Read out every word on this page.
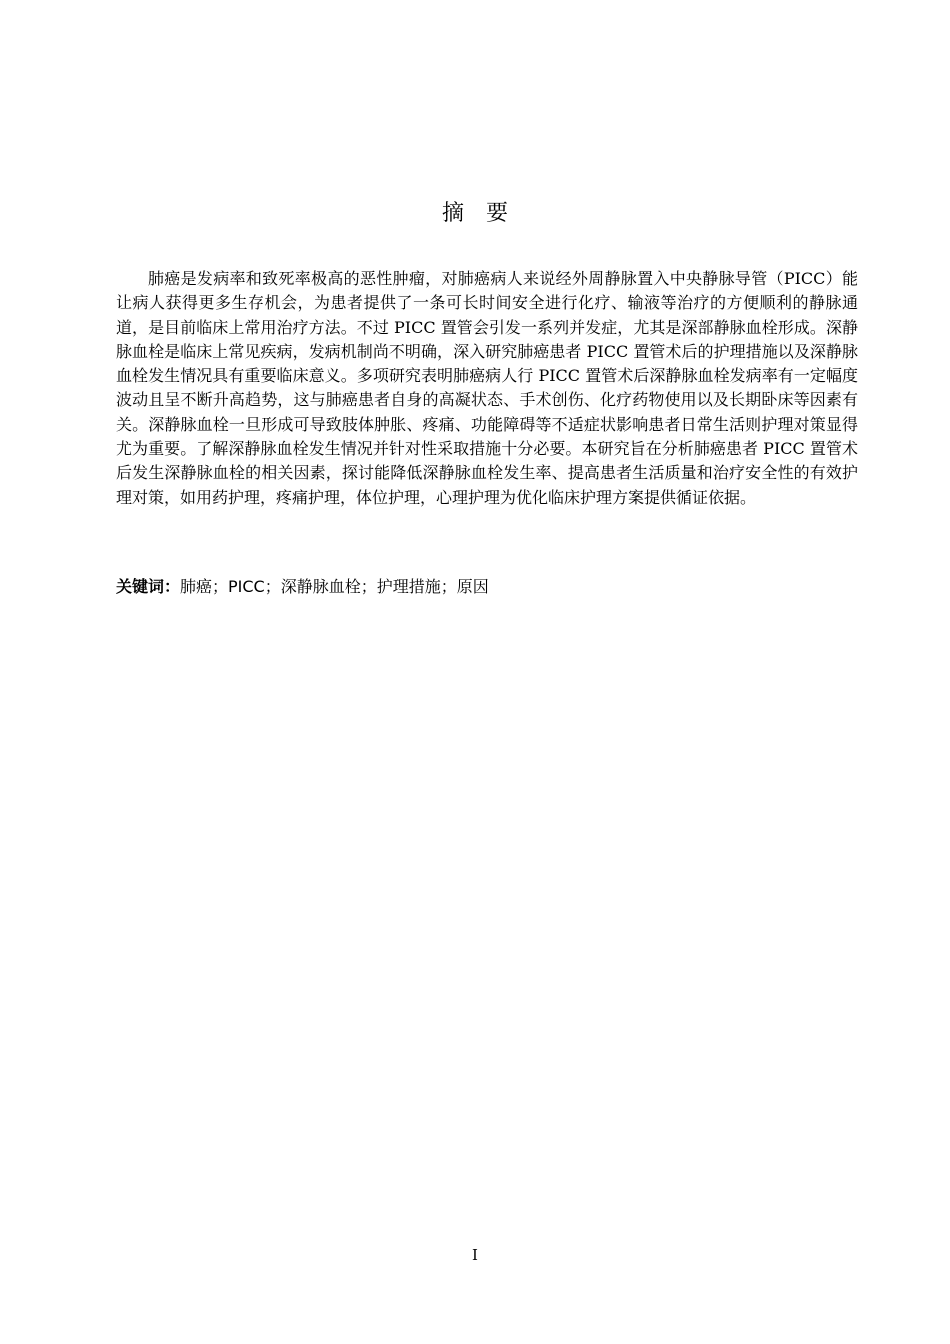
摘要

肺癌是发病率和致死率极高的恶性肿瘤，对肺癌病人来说经外周静脉置入中央静脉导管（PICC）能让病人获得更多生存机会，为患者提供了一条可长时间安全进行化疗、输液等治疗的方便顺利的静脉通道，是目前临床上常用治疗方法。不过 PICC 置管会引发一系列并发症，尤其是深部静脉血栓形成。深静脉血栓是临床上常见疾病，发病机制尚不明确，深入研究肺癌患者 PICC 置管术后的护理措施以及深静脉血栓发生情况具有重要临床意义。多项研究表明肺癌病人行 PICC 置管术后深静脉血栓发病率有一定幅度波动且呈不断升高趋势，这与肺癌患者自身的高凝状态、手术创伤、化疗药物使用以及长期卧床等因素有关。深静脉血栓一旦形成可导致肢体肿胀、疼痛、功能障碍等不适症状影响患者日常生活则护理对策显得尤为重要。了解深静脉血栓发生情况并针对性采取措施十分必要。本研究旨在分析肺癌患者 PICC 置管术后发生深静脉血栓的相关因素，探讨能降低深静脉血栓发生率、提高患者生活质量和治疗安全性的有效护理对策，如用药护理，疼痛护理，体位护理，心理护理为优化临床护理方案提供循证依据。

关键词：肺癌；PICC；深静脉血栓；护理措施；原因

I
